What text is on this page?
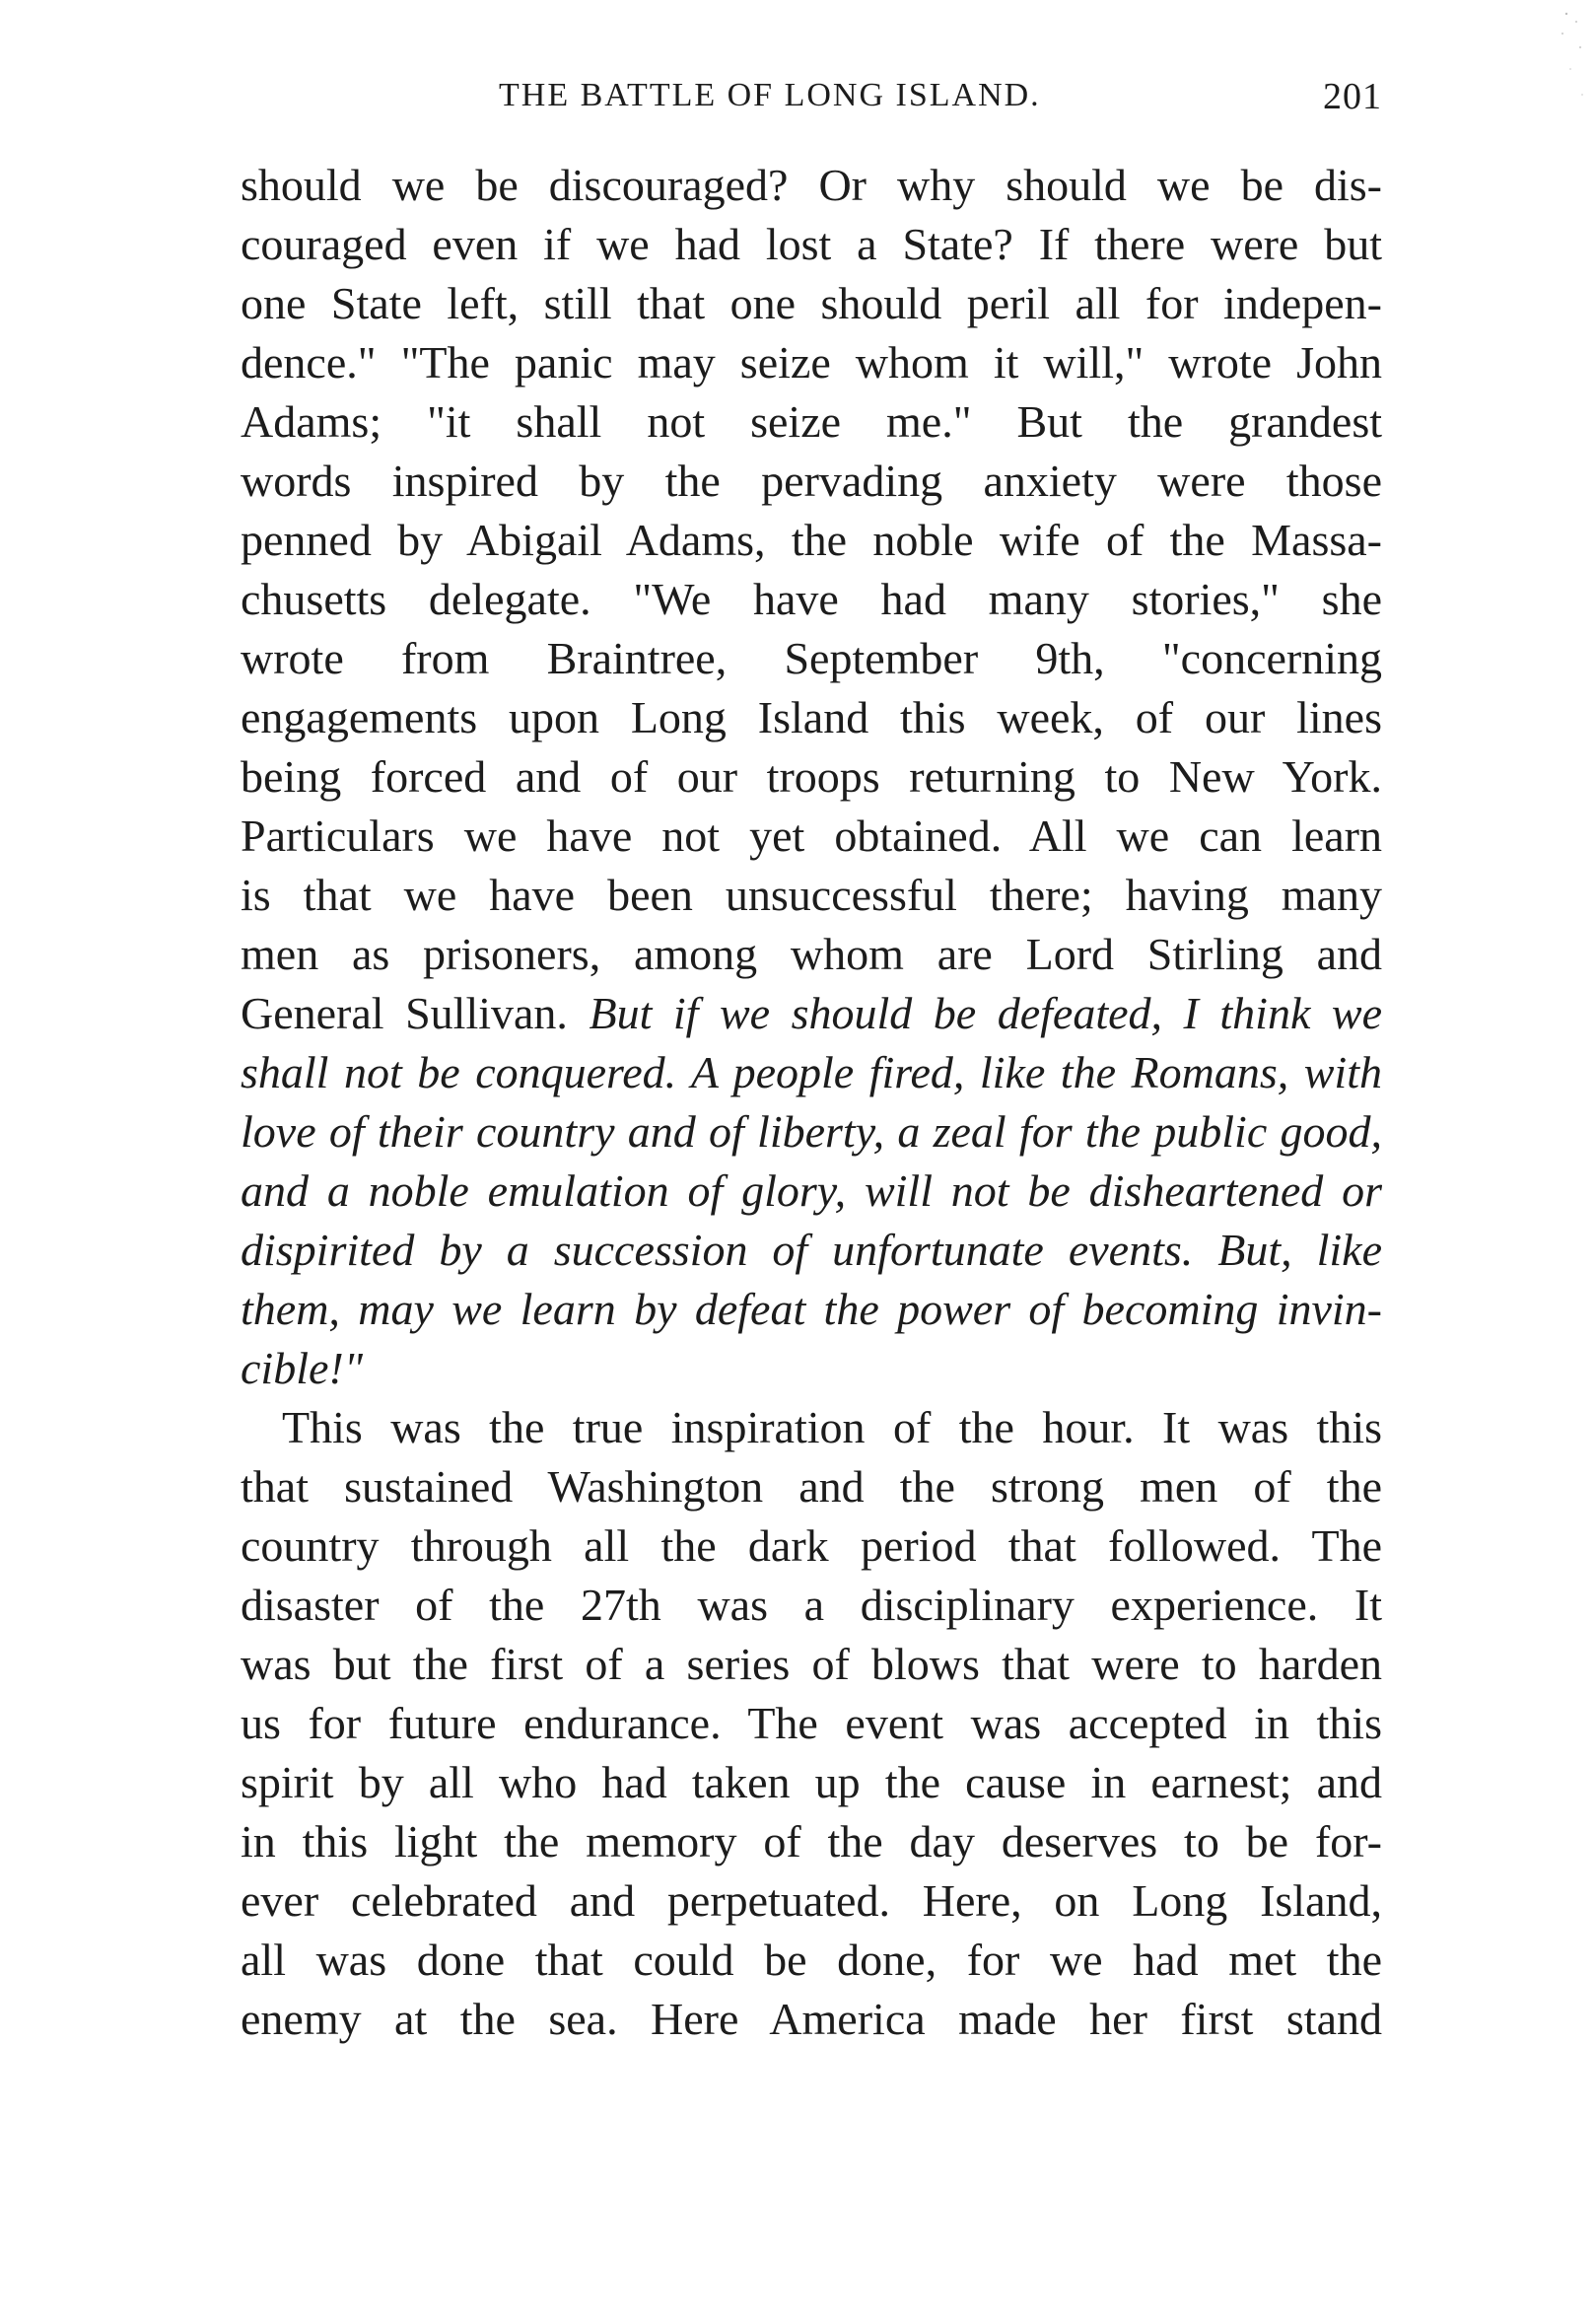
THE BATTLE OF LONG ISLAND.	201
should we be discouraged? Or why should we be dis-
couraged even if we had lost a State? If there were but
one State left, still that one should peril all for indepen-
dence." "The panic may seize whom it will," wrote John
Adams; "it shall not seize me." But the grandest
words inspired by the pervading anxiety were those
penned by Abigail Adams, the noble wife of the Massa-
chusetts delegate. "We have had many stories," she
wrote from Braintree, September 9th, "concerning
engagements upon Long Island this week, of our lines
being forced and of our troops returning to New York.
Particulars we have not yet obtained. All we can learn
is that we have been unsuccessful there; having many
men as prisoners, among whom are Lord Stirling and
General Sullivan. But if we should be defeated, I think we
shall not be conquered. A people fired, like the Romans, with
love of their country and of liberty, a zeal for the public good,
and a noble emulation of glory, will not be disheartened or
dispirited by a succession of unfortunate events. But, like
them, may we learn by defeat the power of becoming invin-
cible!"
This was the true inspiration of the hour. It was this
that sustained Washington and the strong men of the
country through all the dark period that followed. The
disaster of the 27th was a disciplinary experience. It
was but the first of a series of blows that were to harden
us for future endurance. The event was accepted in this
spirit by all who had taken up the cause in earnest; and
in this light the memory of the day deserves to be for-
ever celebrated and perpetuated. Here, on Long Island,
all was done that could be done, for we had met the
enemy at the sea. Here America made her first stand
